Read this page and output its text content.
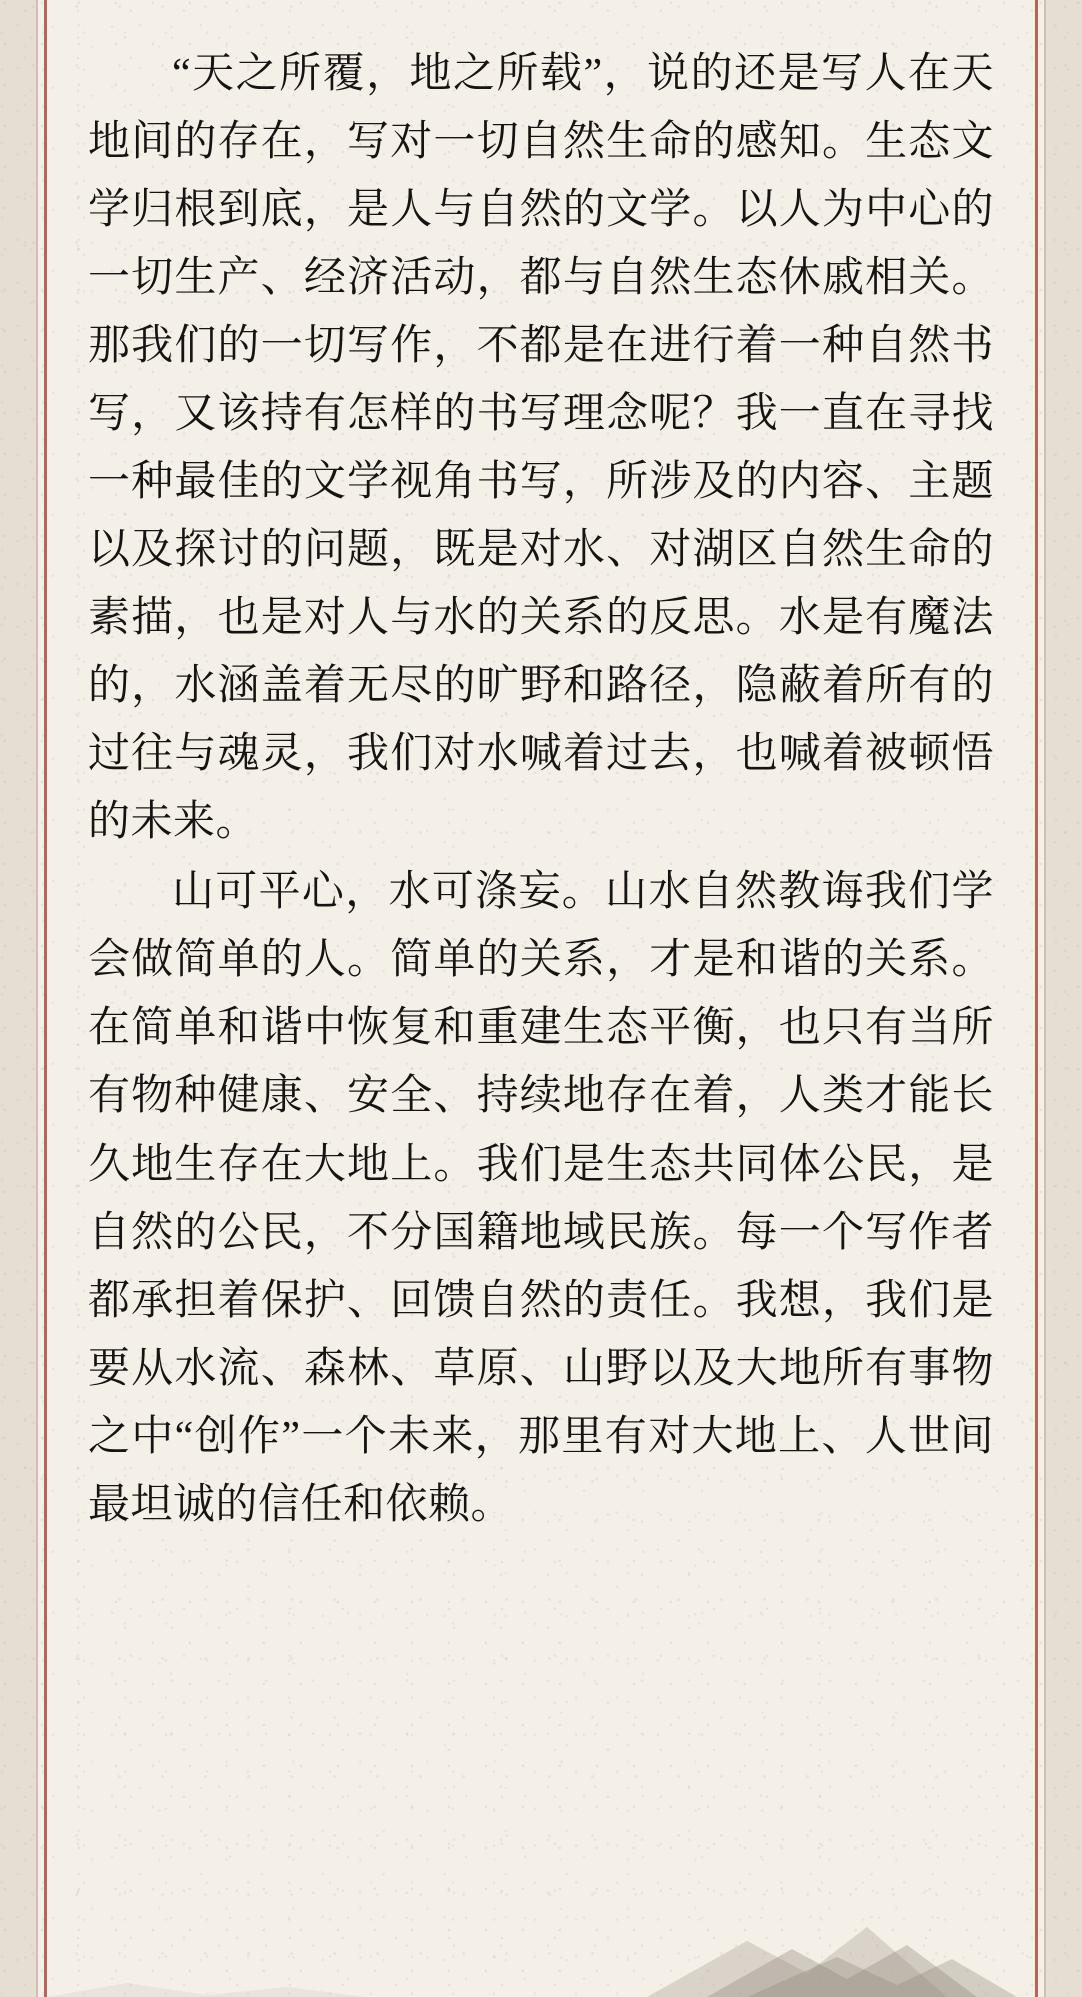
“天之所覆，地之所载”，说的还是写人在天地间的存在，写对一切自然生命的感知。生态文学归根到底，是人与自然的文学。以人为中心的一切生产、经济活动，都与自然生态休戚相关。那我们的一切写作，不都是在进行着一种自然书写，又该持有怎样的书写理念呢？我一直在寻找一种最佳的文学视角书写，所涉及的内容、主题以及探讨的问题，既是对水、对湖区自然生命的素描，也是对人与水的关系的反思。水是有魔法的，水涵盖着无尽的旷野和路径，隐蔽着所有的过往与魂灵，我们对水喊着过去，也喊着被顿悟的未来。

山可平心，水可涤妄。山水自然教诲我们学会做简单的人。简单的关系，才是和谐的关系。在简单和谐中恢复和重建生态平衡，也只有当所有物种健康、安全、持续地存在着，人类才能长久地生存在大地上。我们是生态共同体公民，是自然的公民，不分国籍地域民族。每一个写作者都承担着保护、回馈自然的责任。我想，我们是要从水流、森林、草原、山野以及大地所有事物之中“创作”一个未来，那里有对大地上、人世间最坦诚的信任和依赖。
